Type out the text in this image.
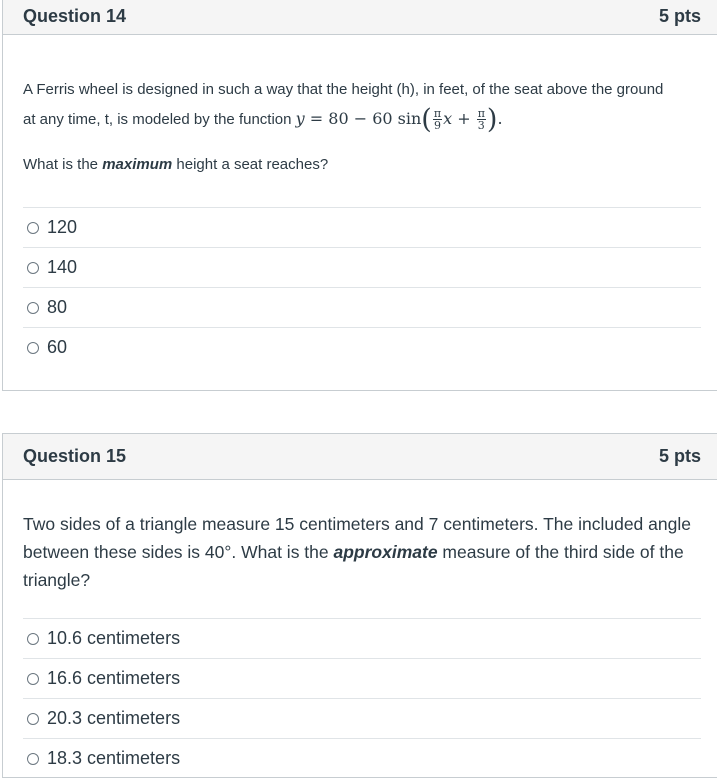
Question 14	5 pts

A Ferris wheel is designed in such a way that the height (h), in feet, of the seat above the ground

at any time, t, is modeled by the function y = 80 − 60 $\sin( \frac{\pi}{9}$ $x + \frac{\pi}{3}$ ).

What is the maximum height a seat reaches?

120
140
80
60
Question 15	5 pts

Two sides of a triangle measure 15 centimeters and 7 centimeters. The included angle between these sides is 40°. What is the approximate measure of the third side of the triangle?

10.6 centimeters
16.6 centimeters
20.3 centimeters
18.3 centimeters
